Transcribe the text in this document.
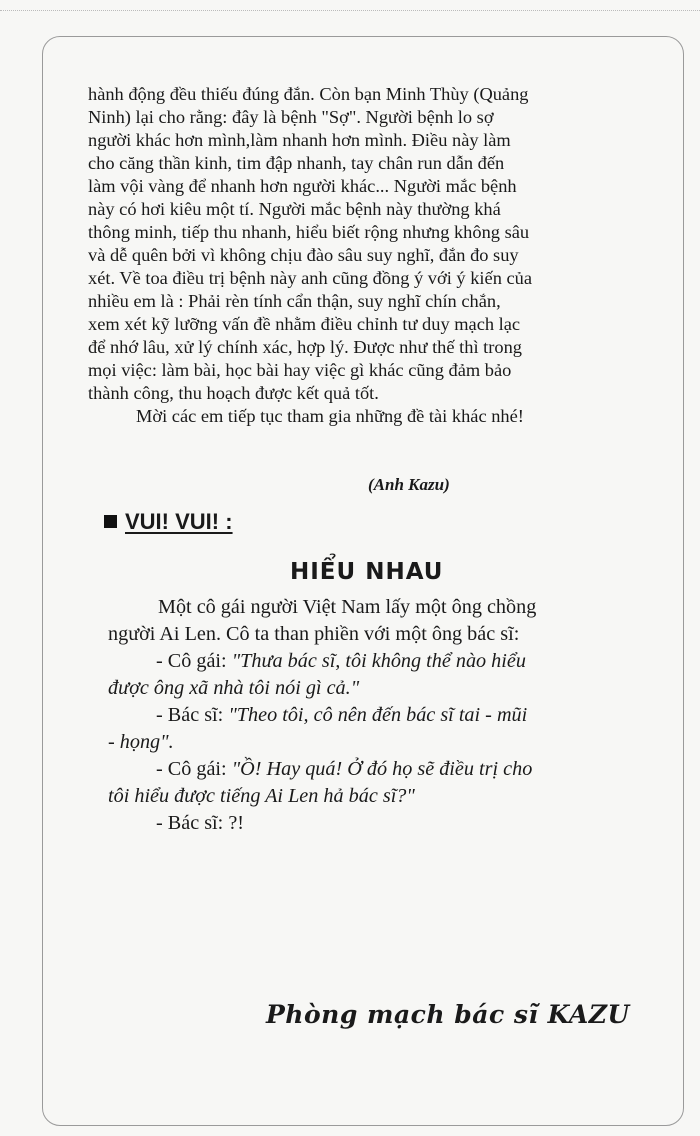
hành động đều thiếu đúng đắn. Còn bạn Minh Thùy (Quảng
Ninh) lại cho rằng: đây là bệnh "Sợ". Người bệnh lo sợ
người khác hơn mình,làm nhanh hơn mình. Điều này làm
cho căng thần kinh, tim đập nhanh, tay chân run dẫn đến
làm vội vàng để nhanh hơn người khác... Người mắc bệnh
này có hơi kiêu một tí. Người mắc bệnh này thường khá
thông minh, tiếp thu nhanh, hiểu biết rộng nhưng không sâu
và dễ quên bởi vì không chịu đào sâu suy nghĩ, đắn đo suy
xét. Về toa điều trị bệnh này anh cũng đồng ý với ý kiến của
nhiều em là : Phải rèn tính cẩn thận, suy nghĩ chín chắn,
xem xét kỹ lưỡng vấn đề nhằm điều chỉnh tư duy mạch lạc
để nhớ lâu, xử lý chính xác, hợp lý. Được như thế thì trong
mọi việc: làm bài, học bài hay việc gì khác cũng đảm bảo
thành công, thu hoạch được kết quả tốt.
Mời các em tiếp tục tham gia những đề tài khác nhé!

(Anh Kazu)
VUI! VUI! :
HIỂU NHAU
Một cô gái người Việt Nam lấy một ông chồng
người Ai Len. Cô ta than phiền với một ông bác sĩ:
- Cô gái: "Thưa bác sĩ, tôi không thể nào hiểu
được ông xã nhà tôi nói gì cả."
- Bác sĩ: "Theo tôi, cô nên đến bác sĩ tai - mũi
- họng".
- Cô gái: "Ồ! Hay quá! Ở đó họ sẽ điều trị cho
tôi hiểu được tiếng Ai Len hả bác sĩ?"
- Bác sĩ: ?!
Phòng mạch bác sĩ KAZU
